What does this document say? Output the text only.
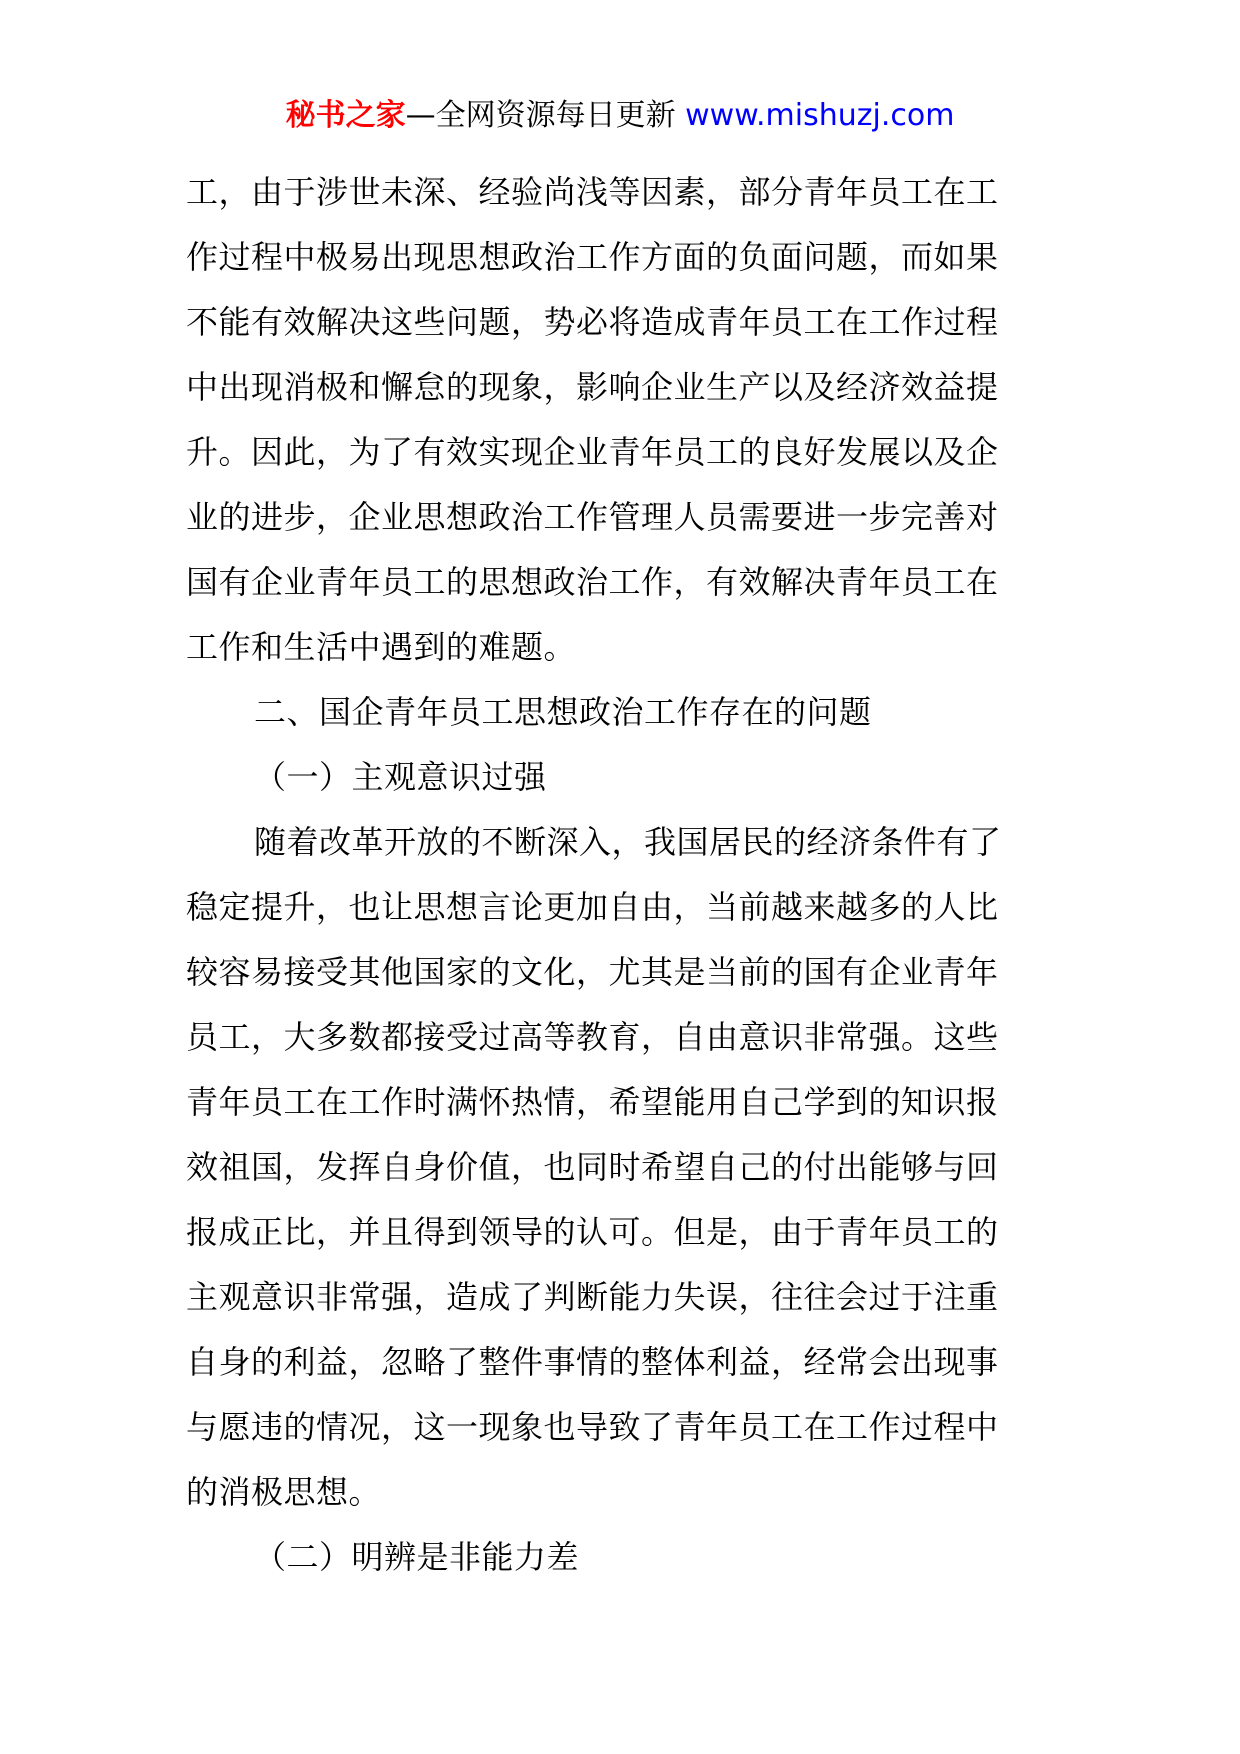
秘书之家—全网资源每日更新 www.mishuzj.com
工，由于涉世未深、经验尚浅等因素，部分青年员工在工
作过程中极易出现思想政治工作方面的负面问题，而如果
不能有效解决这些问题，势必将造成青年员工在工作过程
中出现消极和懈怠的现象，影响企业生产以及经济效益提
升。因此，为了有效实现企业青年员工的良好发展以及企
业的进步，企业思想政治工作管理人员需要进一步完善对
国有企业青年员工的思想政治工作，有效解决青年员工在
工作和生活中遇到的难题。
二、国企青年员工思想政治工作存在的问题
（一）主观意识过强
随着改革开放的不断深入，我国居民的经济条件有了
稳定提升，也让思想言论更加自由，当前越来越多的人比
较容易接受其他国家的文化，尤其是当前的国有企业青年
员工，大多数都接受过高等教育，自由意识非常强。这些
青年员工在工作时满怀热情，希望能用自己学到的知识报
效祖国，发挥自身价值，也同时希望自己的付出能够与回
报成正比，并且得到领导的认可。但是，由于青年员工的
主观意识非常强，造成了判断能力失误，往往会过于注重
自身的利益，忽略了整件事情的整体利益，经常会出现事
与愿违的情况，这一现象也导致了青年员工在工作过程中
的消极思想。
（二）明辨是非能力差
